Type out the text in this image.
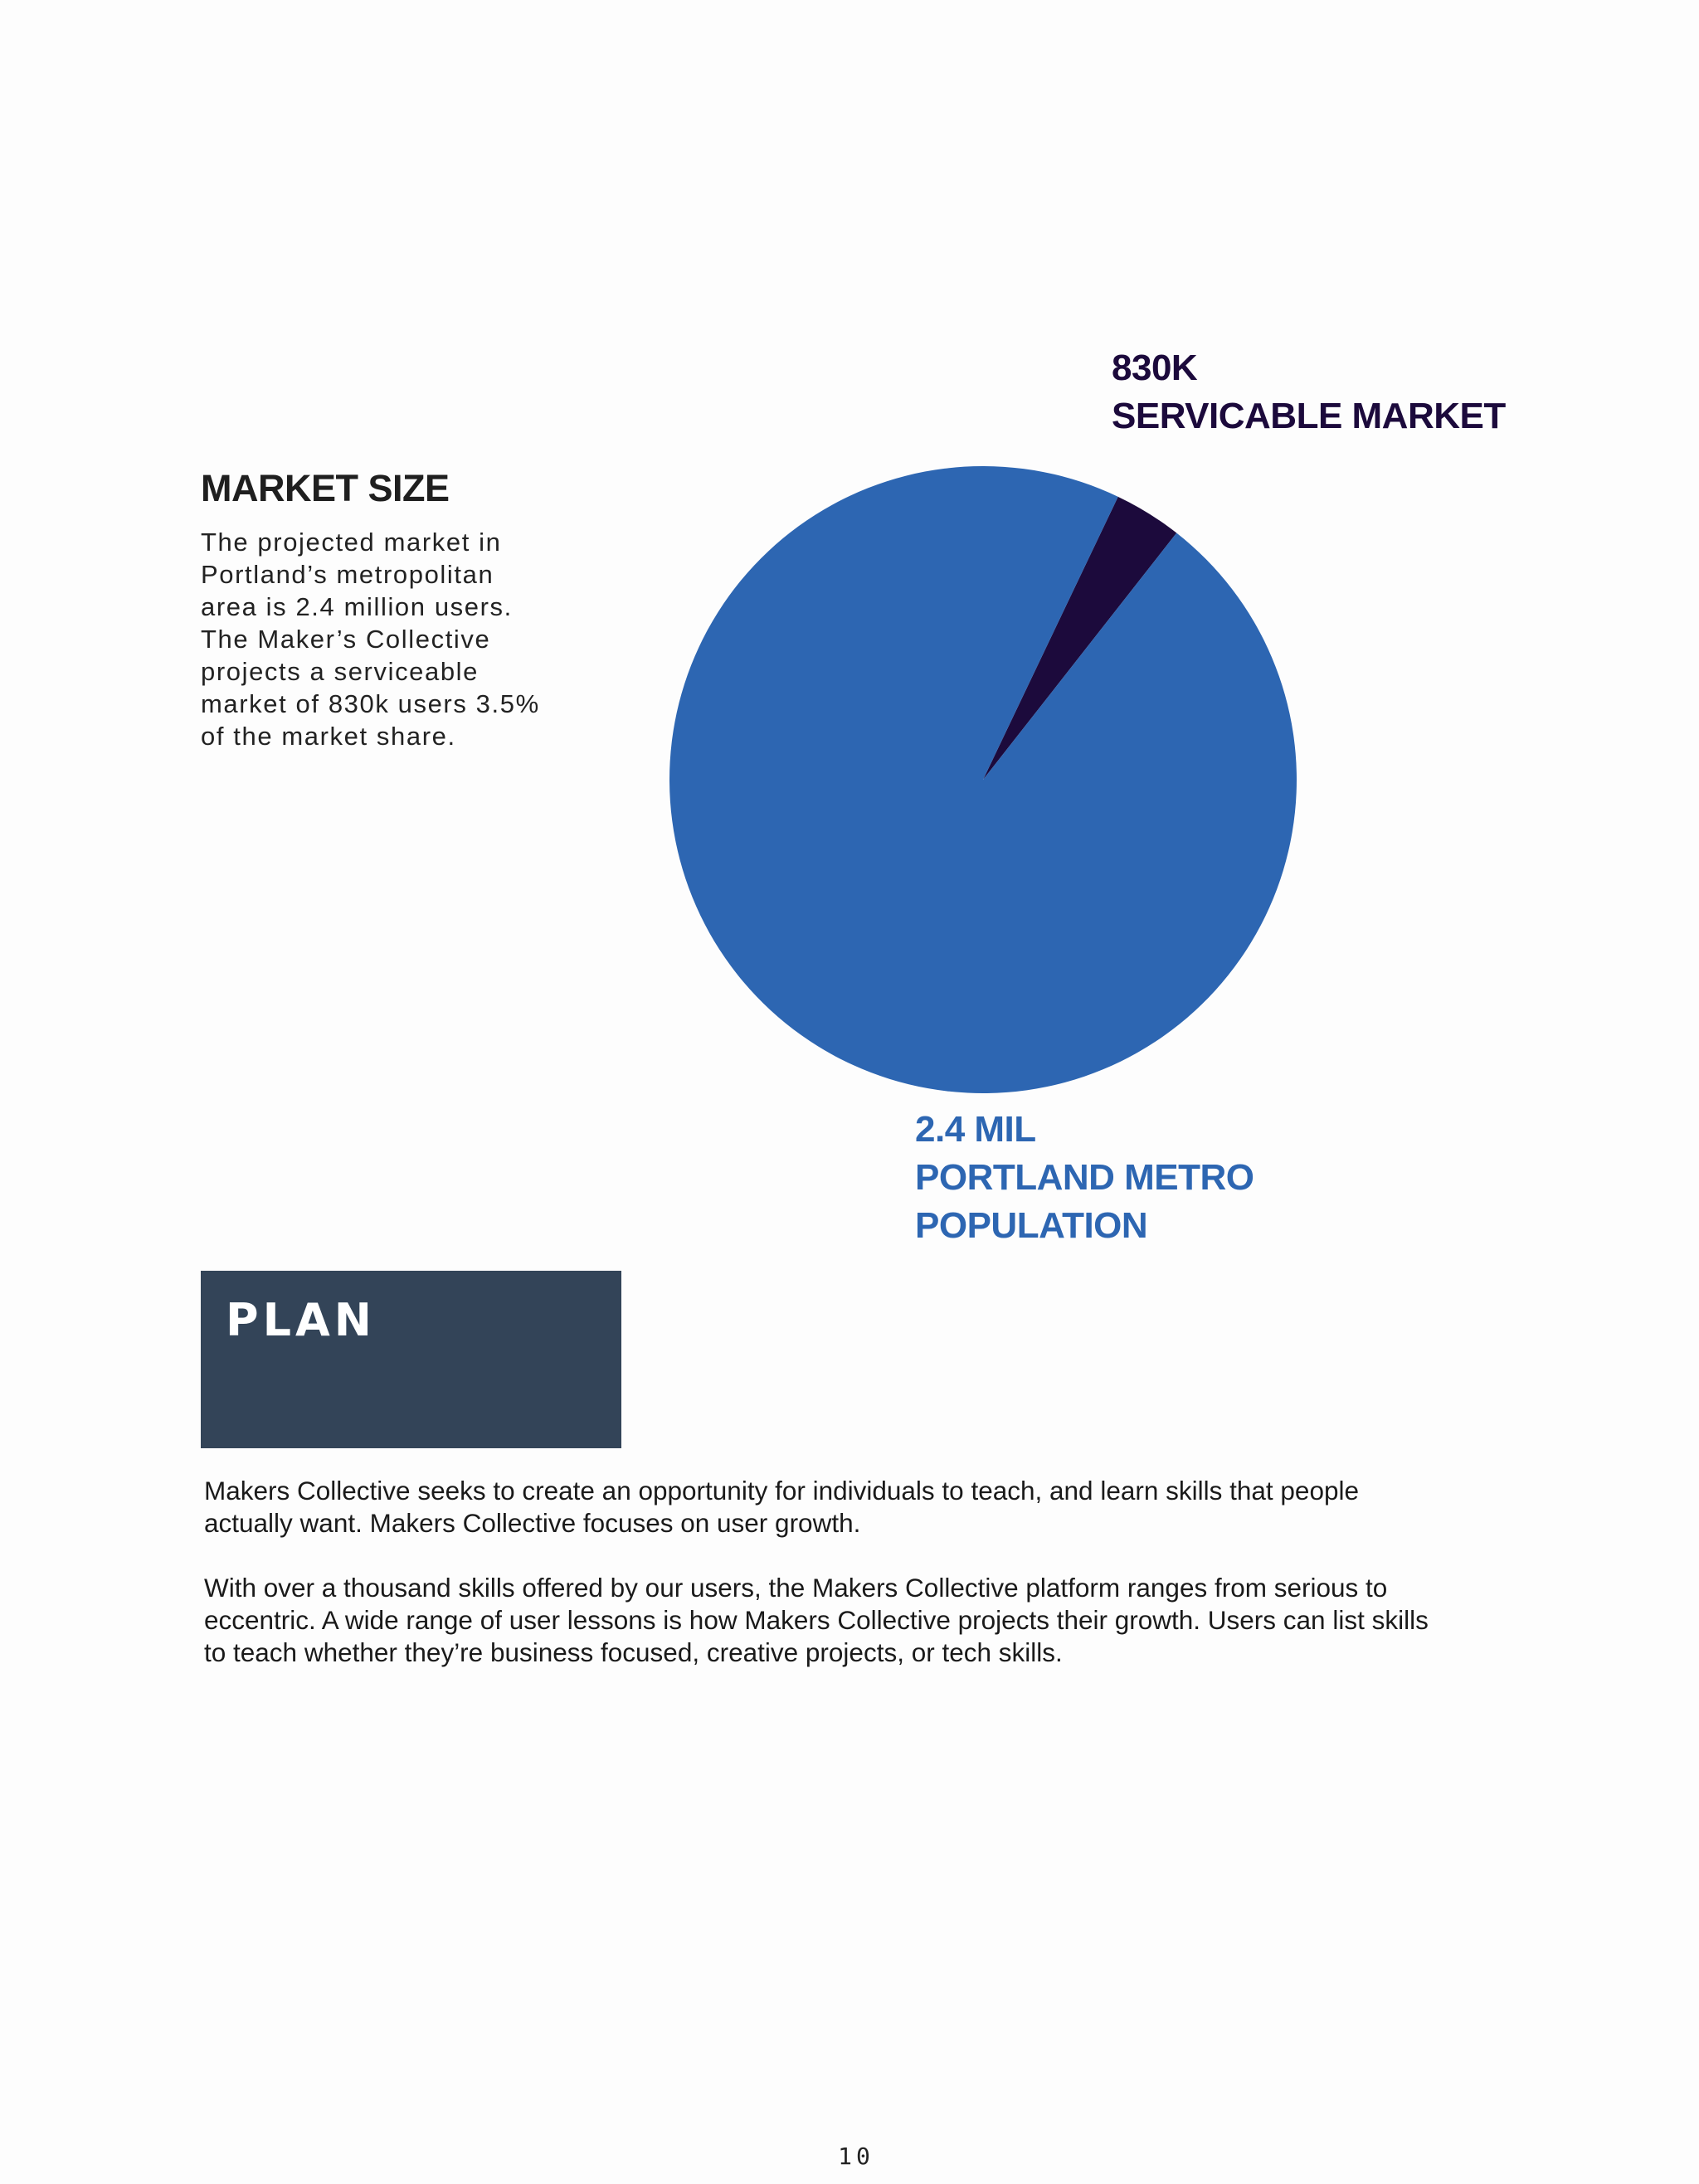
MARKET SIZE

The projected market in
Portland’s metropolitan
area is 2.4 million users.
The Maker’s Collective
projects a serviceable
market of 830k users 3.5%
of the market share.

830K
SERVICABLE MARKET
2.4 MIL
PORTLAND METRO
POPULATION
PLAN

Makers Collective seeks to create an opportunity for individuals to teach, and learn skills that people actually want. Makers Collective focuses on user growth.

With over a thousand skills offered by our users, the Makers Collective platform ranges from serious to eccentric. A wide range of user lessons is how Makers Collective projects their growth. Users can list skills to teach whether they’re business focused, creative projects, or tech skills.

10
